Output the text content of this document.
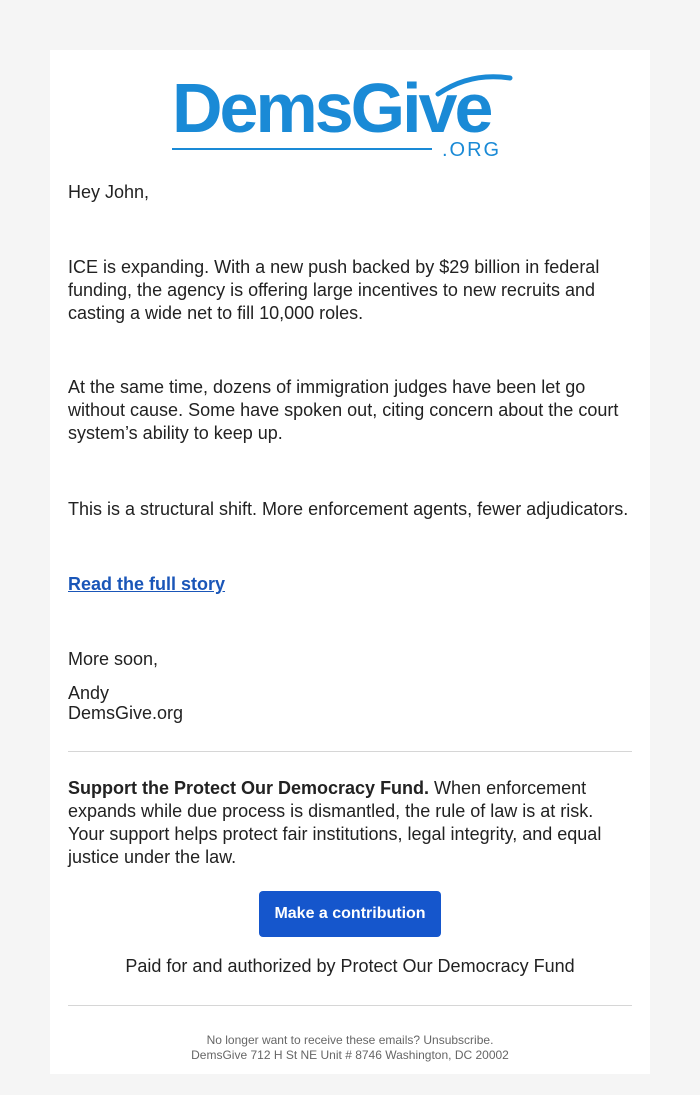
DemsGive
.ORG

Hey John,

ICE is expanding. With a new push backed by $29 billion in federal funding, the agency is offering large incentives to new recruits and casting a wide net to fill 10,000 roles.

At the same time, dozens of immigration judges have been let go without cause. Some have spoken out, citing concern about the court system’s ability to keep up.

This is a structural shift. More enforcement agents, fewer adjudicators.

Read the full story

More soon,

Andy
DemsGive.org

Support the Protect Our Democracy Fund. When enforcement expands while due process is dismantled, the rule of law is at risk. Your support helps protect fair institutions, legal integrity, and equal justice under the law.

Make a contribution
Paid for and authorized by Protect Our Democracy Fund
No longer want to receive these emails? Unsubscribe.
DemsGive 712 H St NE Unit # 8746 Washington, DC 20002
